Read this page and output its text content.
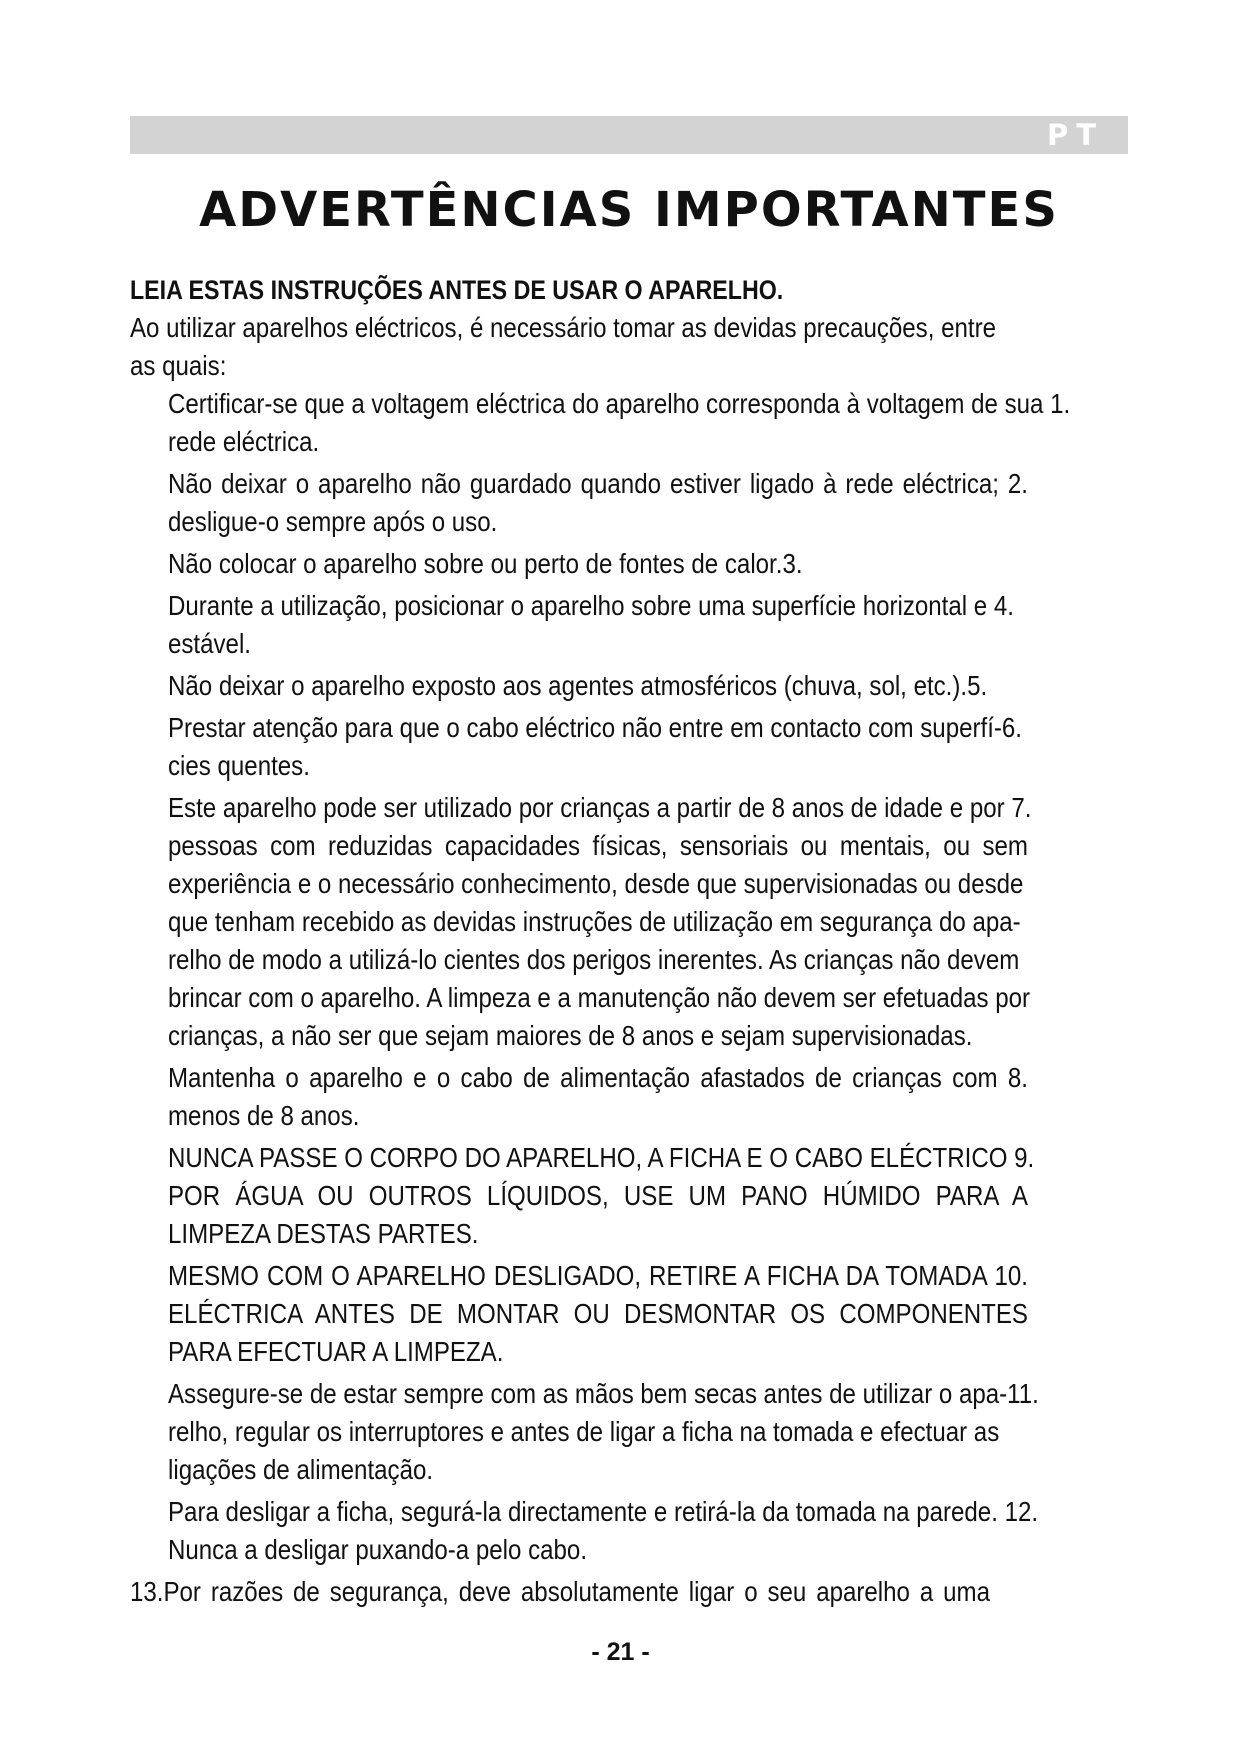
PT
ADVERTÊNCIAS IMPORTANTES

LEIA ESTAS INSTRUÇÕES ANTES DE USAR O APARELHO.

Ao utilizar aparelhos eléctricos, é necessário tomar as devidas precauções, entre
as quais:

Certificar-se que a voltagem eléctrica do aparelho corresponda à voltagem de sua 1.
rede eléctrica.
Não deixar o aparelho não guardado quando estiver ligado à rede eléctrica; 2.
desligue-o sempre após o uso.
Não colocar o aparelho sobre ou perto de fontes de calor.3.
Durante a utilização, posicionar o aparelho sobre uma superfície horizontal e 4.
estável.
Não deixar o aparelho exposto aos agentes atmosféricos (chuva, sol, etc.).5.
Prestar atenção para que o cabo eléctrico não entre em contacto com superfí-6.
cies quentes.
Este aparelho pode ser utilizado por crianças a partir de 8 anos de idade e por 7.
pessoas com reduzidas capacidades físicas, sensoriais ou mentais, ou sem
experiência e o necessário conhecimento, desde que supervisionadas ou desde
que tenham recebido as devidas instruções de utilização em segurança do apa-
relho de modo a utilizá-lo cientes dos perigos inerentes. As crianças não devem
brincar com o aparelho. A limpeza e a manutenção não devem ser efetuadas por
crianças, a não ser que sejam maiores de 8 anos e sejam supervisionadas.
Mantenha o aparelho e o cabo de alimentação afastados de crianças com 8.
menos de 8 anos.
NUNCA PASSE O CORPO DO APARELHO, A FICHA E O CABO ELÉCTRICO 9.
POR ÁGUA OU OUTROS LÍQUIDOS, USE UM PANO HÚMIDO PARA A
LIMPEZA DESTAS PARTES.
MESMO COM O APARELHO DESLIGADO, RETIRE A FICHA DA TOMADA 10.
ELÉCTRICA ANTES DE MONTAR OU DESMONTAR OS COMPONENTES
PARA EFECTUAR A LIMPEZA.
Assegure-se de estar sempre com as mãos bem secas antes de utilizar o apa-11.
relho, regular os interruptores e antes de ligar a ficha na tomada e efectuar as
ligações de alimentação.
Para desligar a ficha, segurá-la directamente e retirá-la da tomada na parede. 12.
Nunca a desligar puxando-a pelo cabo.
13.Por razões de segurança, deve absolutamente ligar o seu aparelho a uma
- 21 -
